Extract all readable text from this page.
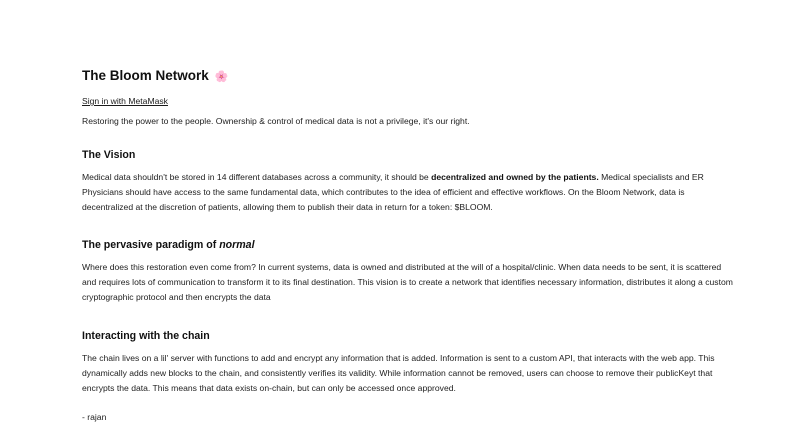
The Bloom Network 🌸
Sign in with MetaMask

Restoring the power to the people. Ownership & control of medical data is not a privilege, it's our right.

The Vision

Medical data shouldn't be stored in 14 different databases across a community, it should be decentralized and owned by the patients. Medical specialists and ER Physicians should have access to the same fundamental data, which contributes to the idea of efficient and effective workflows. On the Bloom Network, data is decentralized at the discretion of patients, allowing them to publish their data in return for a token: $BLOOM.

The pervasive paradigm of normal

Where does this restoration even come from? In current systems, data is owned and distributed at the will of a hospital/clinic. When data needs to be sent, it is scattered and requires lots of communication to transform it to its final destination. This vision is to create a network that identifies necessary information, distributes it along a custom cryptographic protocol and then encrypts the data

Interacting with the chain

The chain lives on a lil' server with functions to add and encrypt any information that is added. Information is sent to a custom API, that interacts with the web app. This dynamically adds new blocks to the chain, and consistently verifies its validity. While information cannot be removed, users can choose to remove their publicKeyt that encrypts the data. This means that data exists on-chain, but can only be accessed once approved.

- rajan
